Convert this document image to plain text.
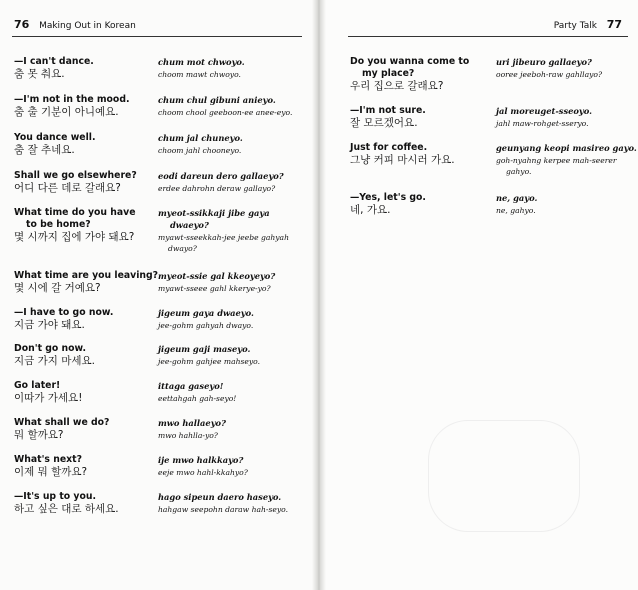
76 Making Out in Korean	Party Talk 77
—I can't dance.
춤 못 춰요.
chum mot chwoyo.
choom mawt chwoyo.
—I'm not in the mood.
춤 출 기분이 아니예요.
chum chul gibuni anieyo.
choom chool geeboon-ee anee-eyo.
You dance well.
춤 잘 추네요.
chum jal chuneyo.
choom jahl chooneyo.
Shall we go elsewhere?
어디 다른 데로 갈래요?
eodi dareun dero gallaeyo?
erdee dahrohn deraw gallayo?
What time do you have
to be home?
몇 시까지 집에 가야 돼요?
myeot-ssikkaji jibe gaya
dwaeyo?
myawt-sseekkah-jee jeebe gahyah
dwayo?
What time are you leaving?
몇 시에 갈 거예요?
myeot-ssie gal kkeoyeyo?
myawt-sseee gahl kkerye-yo?
—I have to go now.
지금 가야 돼요.
jigeum gaya dwaeyo.
jee-gohm gahyah dwayo.
Don't go now.
지금 가지 마세요.
jigeum gaji maseyo.
jee-gohm gahjee mahseyo.
Go later!
이따가 가세요!
ittaga gaseyo!
eettahgah gah-seyo!
What shall we do?
뭐 할까요?
mwo hallaeyo?
mwo hahlla-yo?
What's next?
이제 뭐 할까요?
ije mwo halkkayo?
eeje mwo hahl-kkahyo?
—It's up to you.
하고 싶은 대로 하세요.
hago sipeun daero haseyo.
hahgaw seepohn daraw hah-seyo.
Do you wanna come to
my place?
우리 집으로 갈래요?
uri jibeuro gallaeyo?
ooree jeeboh-raw gahllayo?
—I'm not sure.
잘 모르겠어요.
jal moreuget-sseoyo.
jahl maw-rohget-sseryo.
Just for coffee.
그냥 커피 마시러 가요.
geunyang keopi masireo gayo.
goh-nyahng kerpee mah-seerer
gahyo.
—Yes, let's go.
네, 가요.
ne, gayo.
ne, gahyo.
